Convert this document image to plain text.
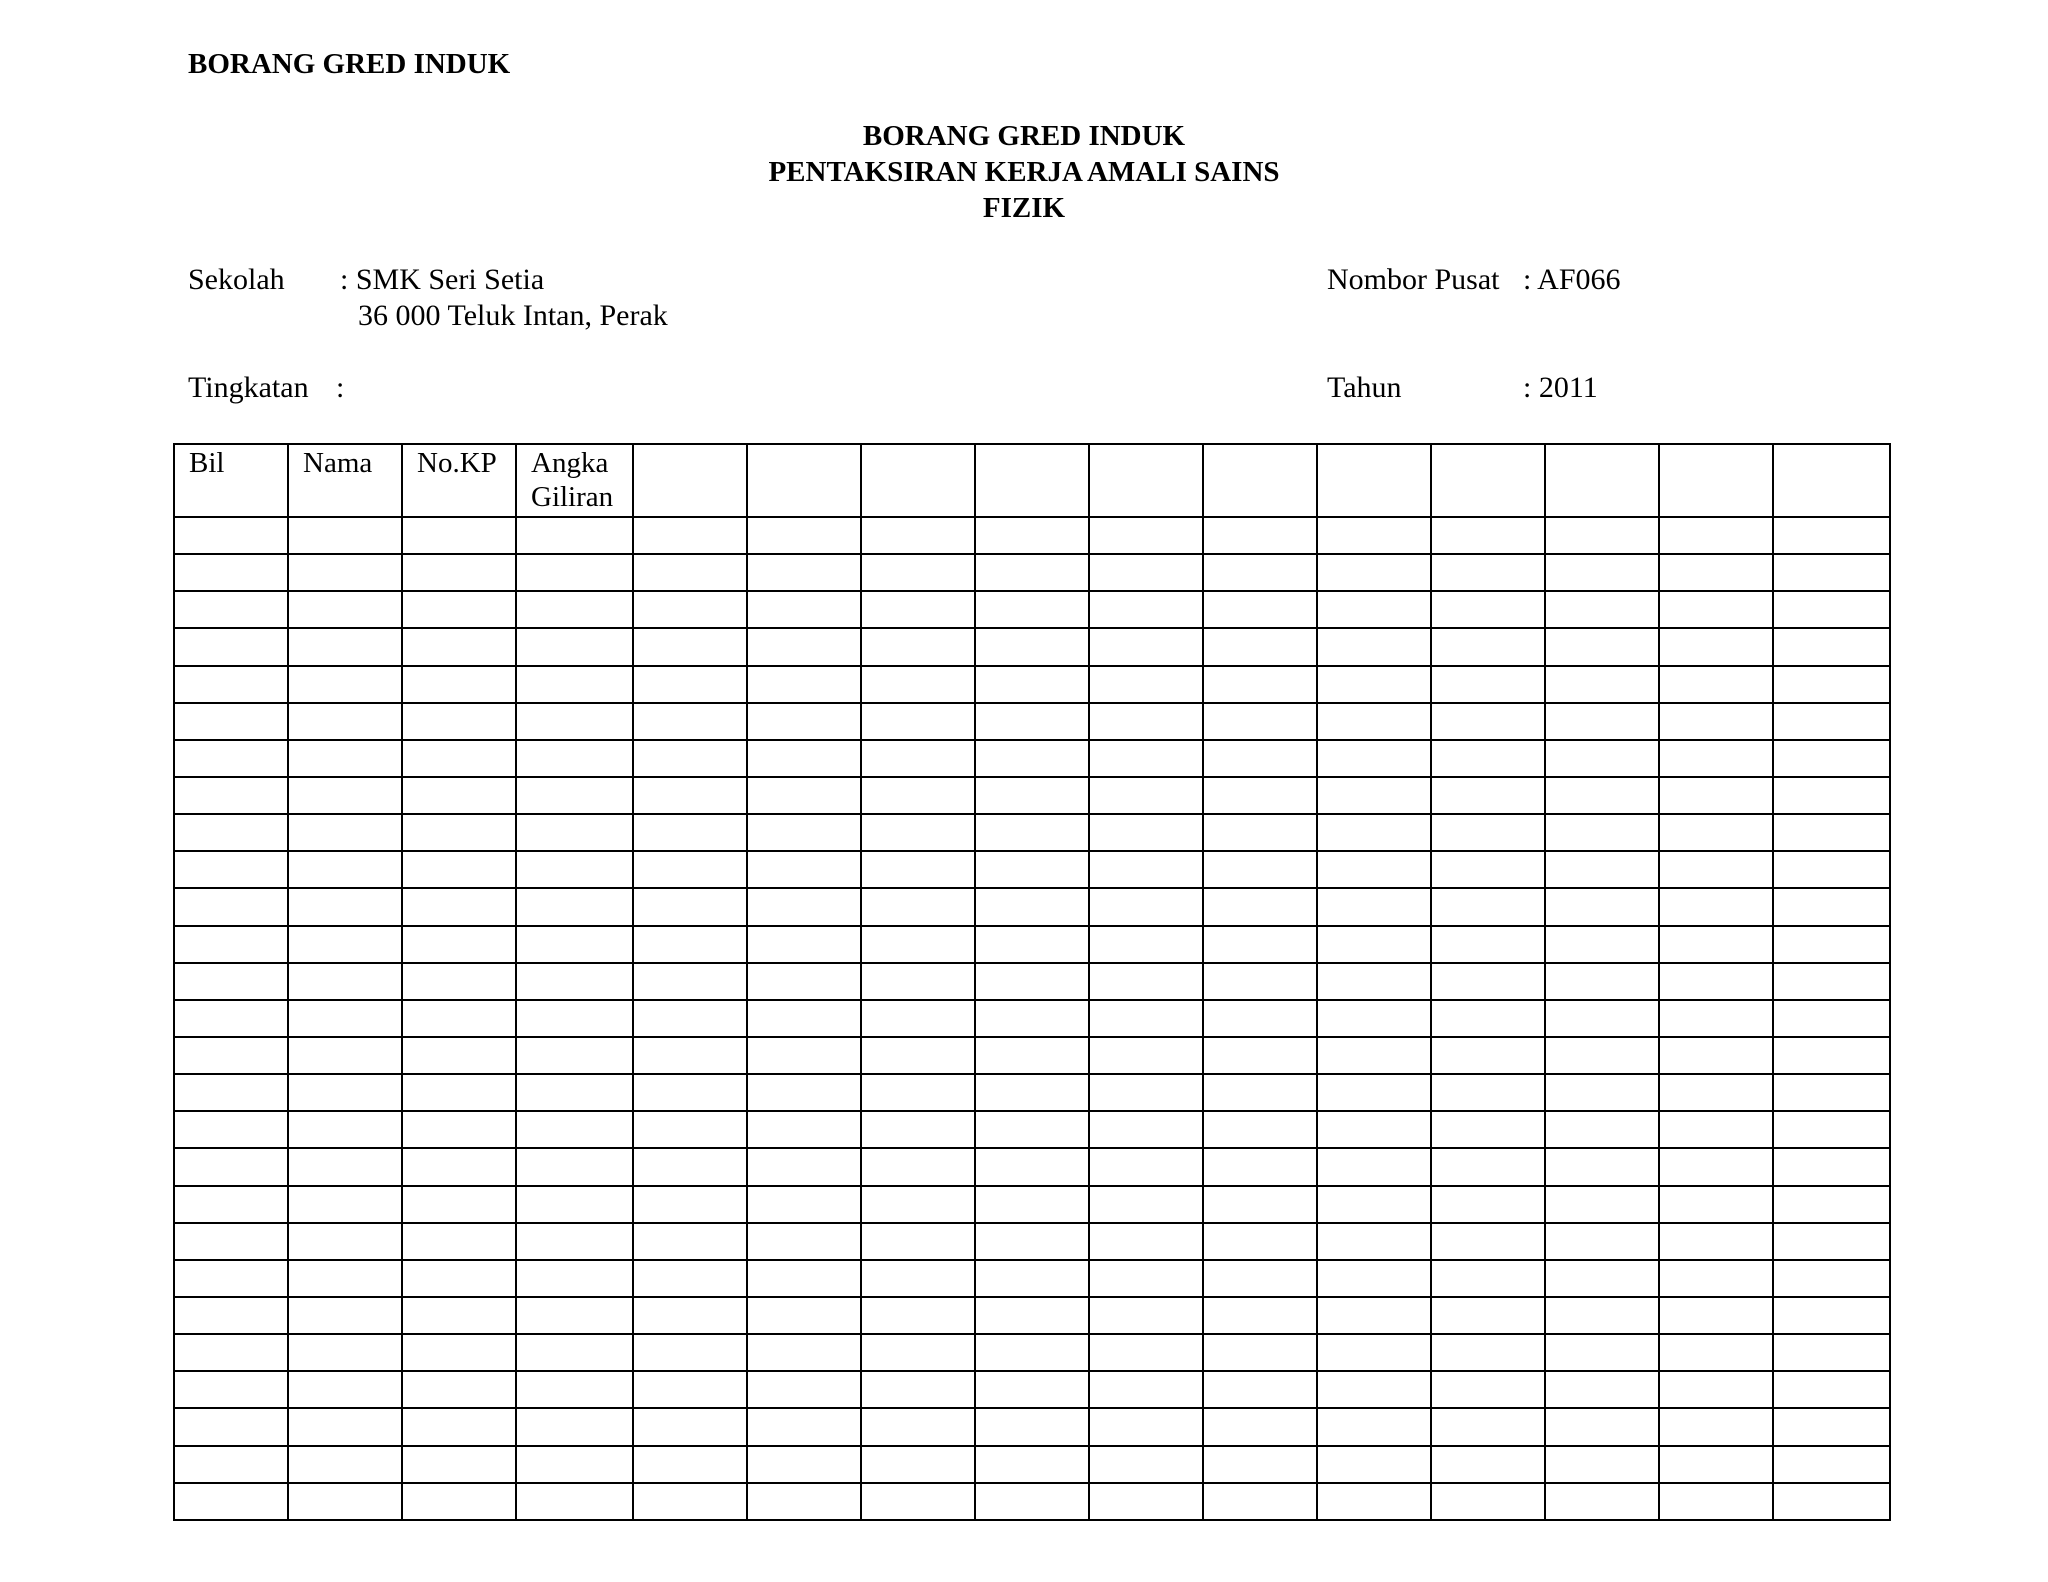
BORANG GRED INDUK
BORANG GRED INDUK
PENTAKSIRAN KERJA AMALI SAINS
FIZIK
Sekolah : SMK Seri Setia
36 000 Teluk Intan, Perak
Nombor Pusat : AF066
Tingkatan :	Tahun	: 2011
Bil	Nama	No.KP	Angka Giliran											
